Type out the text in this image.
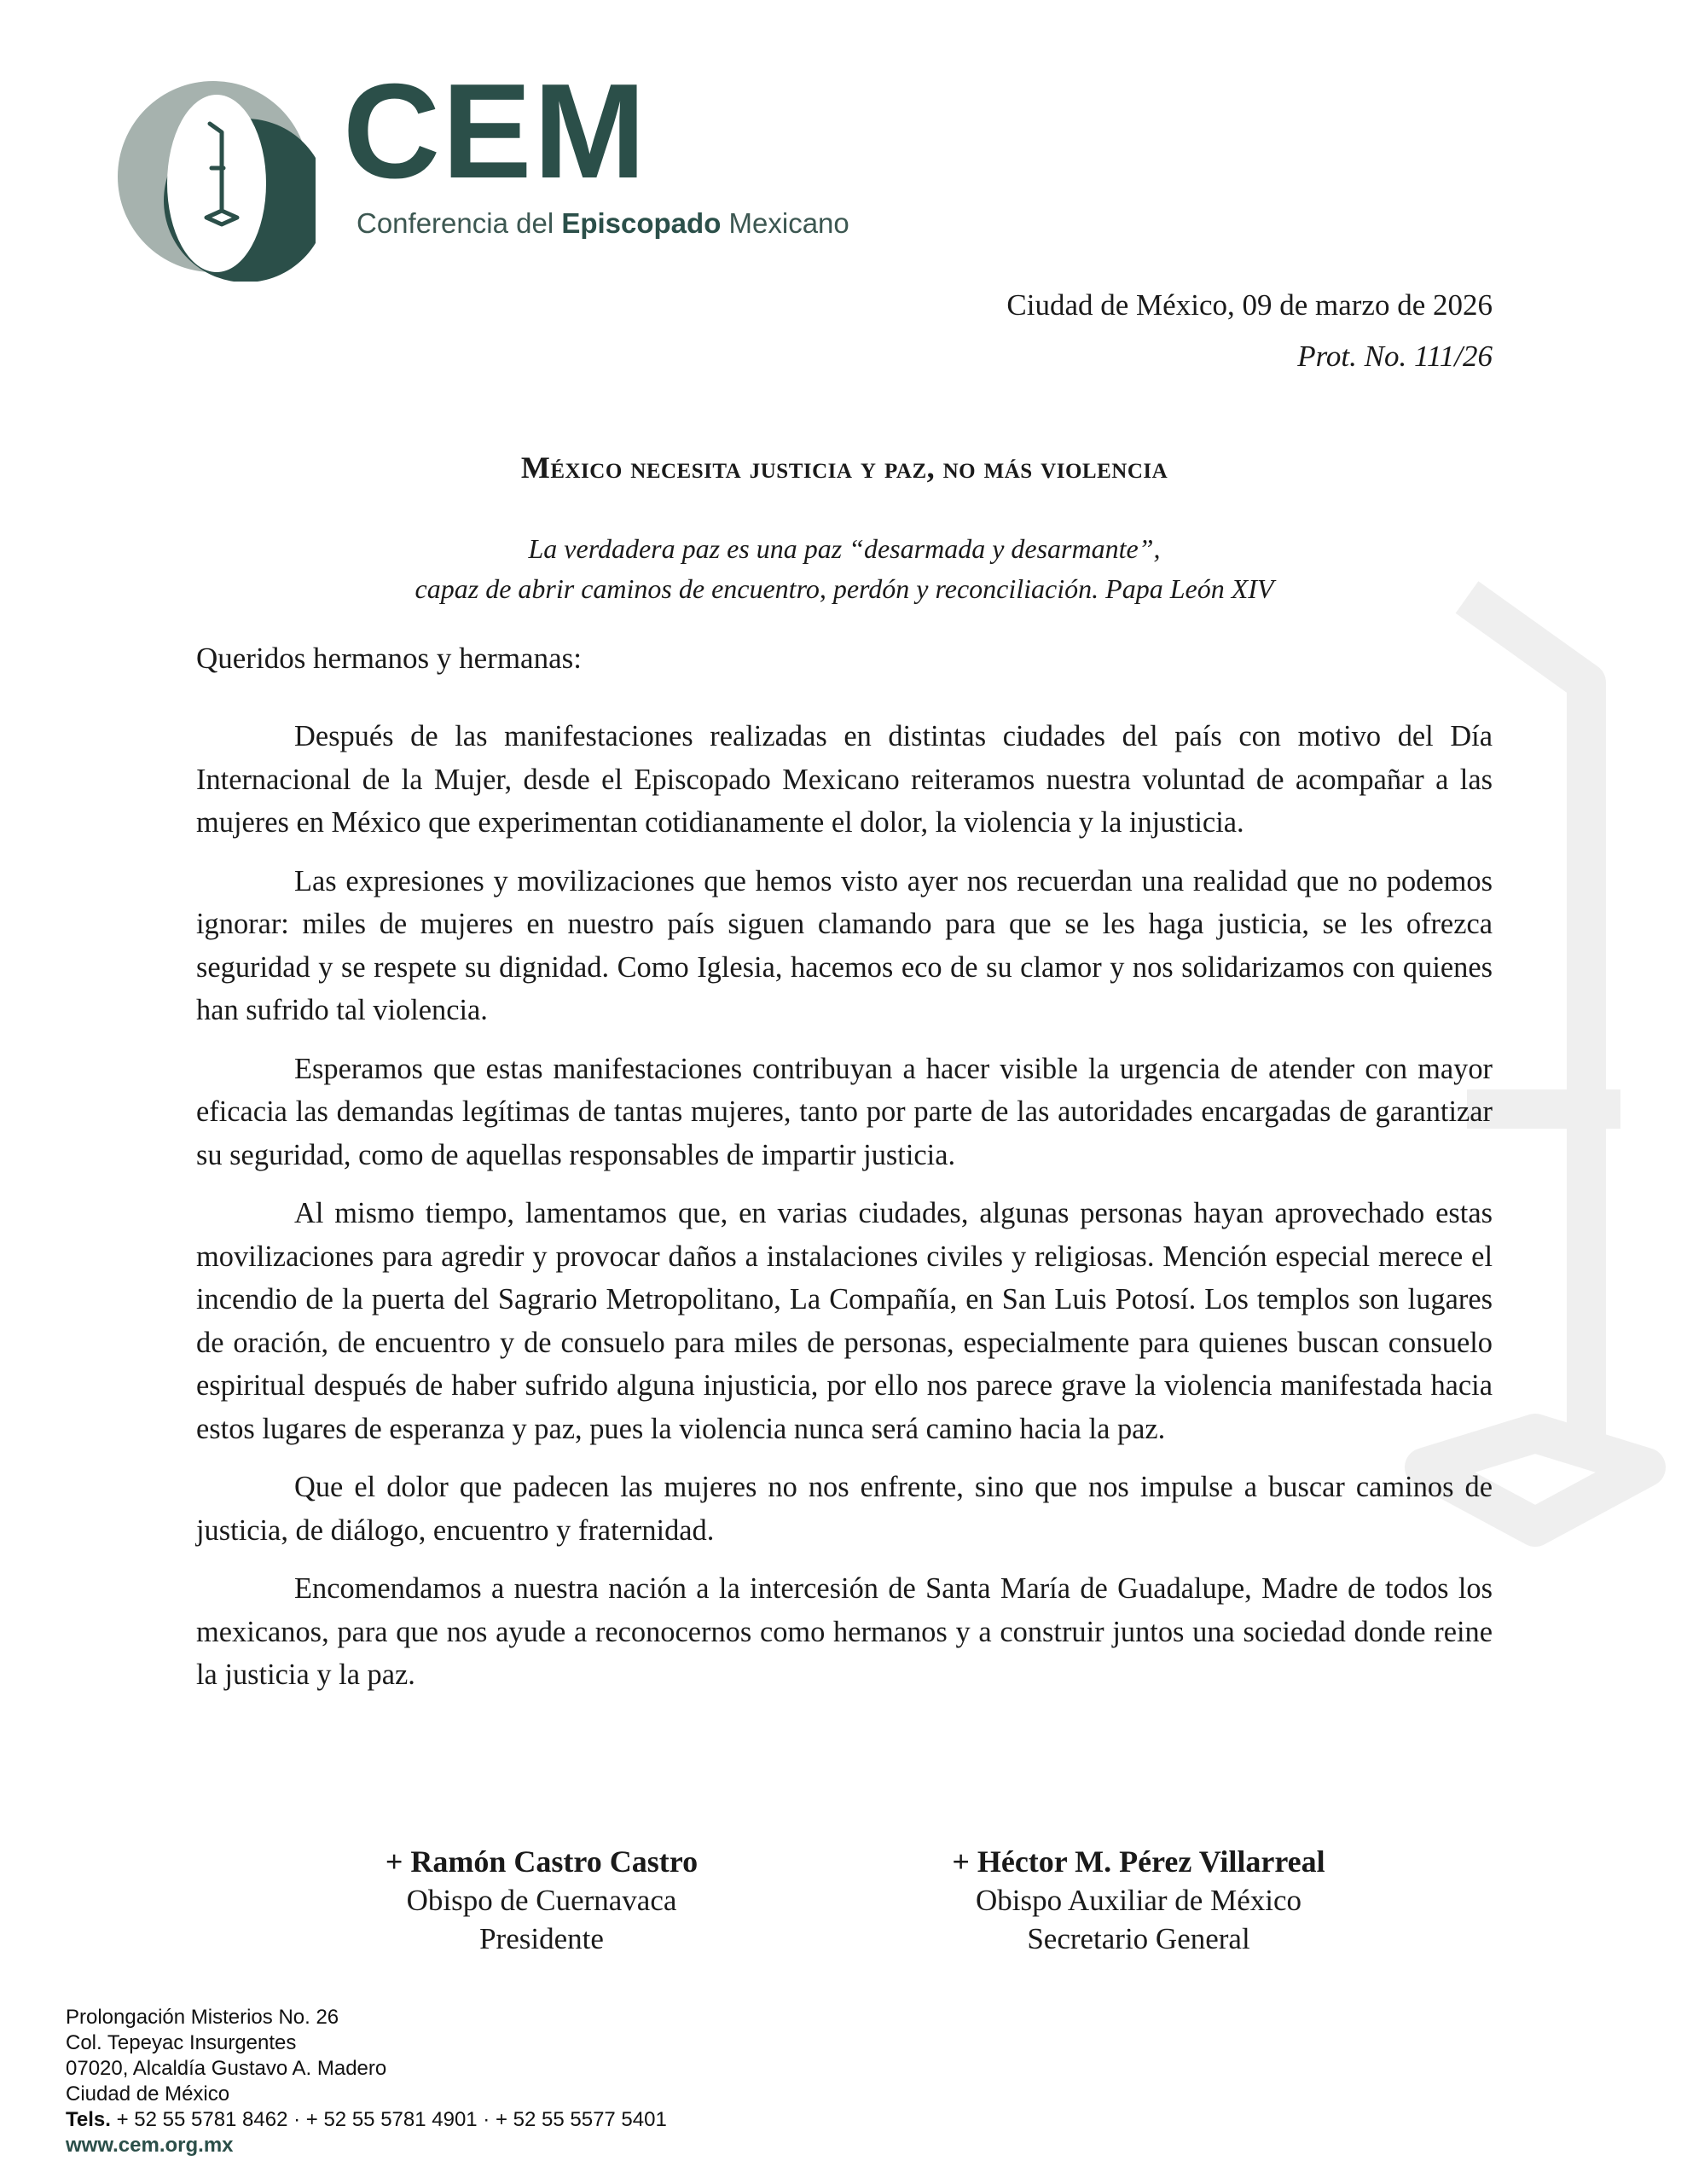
CEM
Conferencia del Episcopado Mexicano
Ciudad de México, 09 de marzo de 2026
Prot. No. 111/26
México necesita justicia y paz, no más violencia
La verdadera paz es una paz “desarmada y desarmante”,
capaz de abrir caminos de encuentro, perdón y reconciliación. Papa León XIV
Queridos hermanos y hermanas:

Después de las manifestaciones realizadas en distintas ciudades del país con motivo del Día Internacional de la Mujer, desde el Episcopado Mexicano reiteramos nuestra voluntad de acompañar a las mujeres en México que experimentan cotidianamente el dolor, la violencia y la injusticia.

Las expresiones y movilizaciones que hemos visto ayer nos recuerdan una realidad que no podemos ignorar: miles de mujeres en nuestro país siguen clamando para que se les haga justicia, se les ofrezca seguridad y se respete su dignidad. Como Iglesia, hacemos eco de su clamor y nos solidarizamos con quienes han sufrido tal violencia.

Esperamos que estas manifestaciones contribuyan a hacer visible la urgencia de atender con mayor eficacia las demandas legítimas de tantas mujeres, tanto por parte de las autoridades encargadas de garantizar su seguridad, como de aquellas responsables de impartir justicia.

Al mismo tiempo, lamentamos que, en varias ciudades, algunas personas hayan aprovechado estas movilizaciones para agredir y provocar daños a instalaciones civiles y religiosas. Mención especial merece el incendio de la puerta del Sagrario Metropolitano, La Compañía, en San Luis Potosí. Los templos son lugares de oración, de encuentro y de consuelo para miles de personas, especialmente para quienes buscan consuelo espiritual después de haber sufrido alguna injusticia, por ello nos parece grave la violencia manifestada hacia estos lugares de esperanza y paz, pues la violencia nunca será camino hacia la paz.

Que el dolor que padecen las mujeres no nos enfrente, sino que nos impulse a buscar caminos de justicia, de diálogo, encuentro y fraternidad.

Encomendamos a nuestra nación a la intercesión de Santa María de Guadalupe, Madre de todos los mexicanos, para que nos ayude a reconocernos como hermanos y a construir juntos una sociedad donde reine la justicia y la paz.

+ Ramón Castro Castro
Obispo de Cuernavaca
Presidente
+ Héctor M. Pérez Villarreal
Obispo Auxiliar de México
Secretario General
Prolongación Misterios No. 26
Col. Tepeyac Insurgentes
07020, Alcaldía Gustavo A. Madero
Ciudad de México
Tels. + 52 55 5781 8462 · + 52 55 5781 4901 · + 52 55 5577 5401
www.cem.org.mx
